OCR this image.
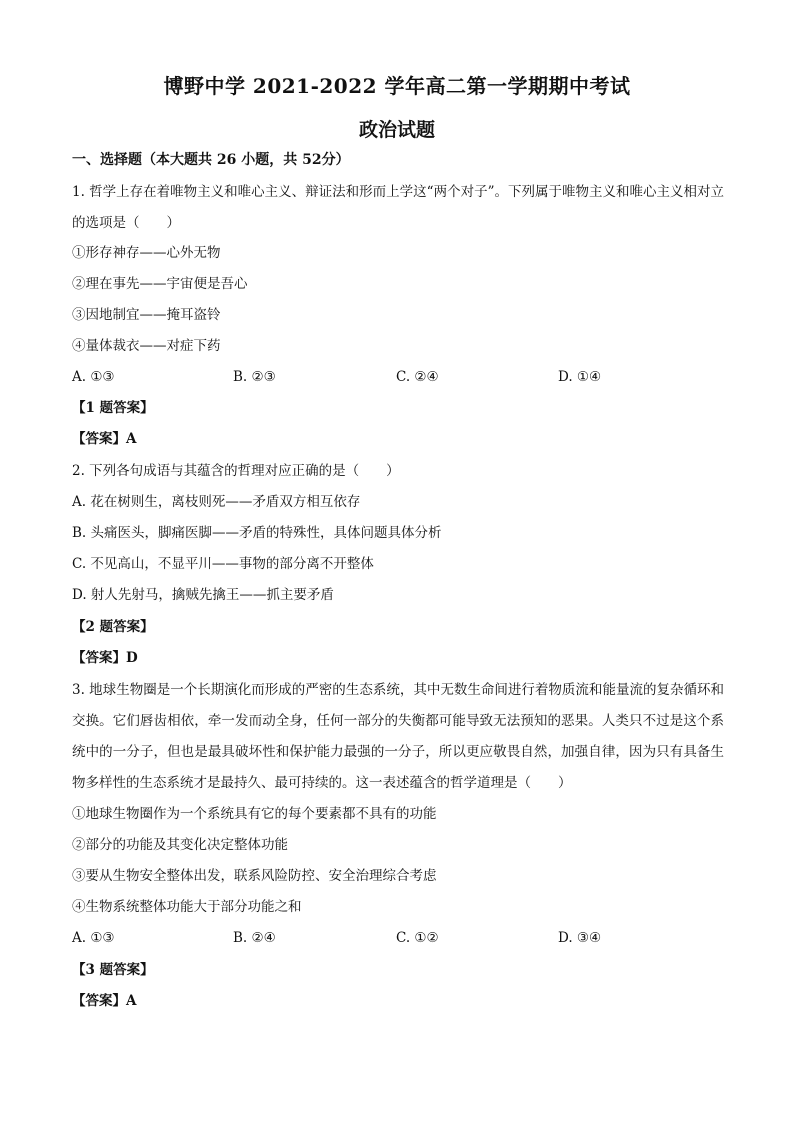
博野中学 2021-2022 学年高二第一学期期中考试
政治试题
一、选择题（本大题共 26 小题，共 52分）
1. 哲学上存在着唯物主义和唯心主义、辩证法和形而上学这“两个对子”。下列属于唯物主义和唯心主义相对立的选项是（　　）
①形存神存——心外无物
②理在事先——宇宙便是吾心
③因地制宜——掩耳盗铃
④量体裁衣——对症下药
A. ①③	B. ②③	C. ②④	D. ①④
【1 题答案】
【答案】A
2. 下列各句成语与其蕴含的哲理对应正确的是（　　）
A. 花在树则生，离枝则死——矛盾双方相互依存
B. 头痛医头，脚痛医脚——矛盾的特殊性，具体问题具体分析
C. 不见高山，不显平川——事物的部分离不开整体
D. 射人先射马，擒贼先擒王——抓主要矛盾
【2 题答案】
【答案】D
3. 地球生物圈是一个长期演化而形成的严密的生态系统，其中无数生命间进行着物质流和能量流的复杂循环和交换。它们唇齿相依，牵一发而动全身，任何一部分的失衡都可能导致无法预知的恶果。人类只不过是这个系统中的一分子，但也是最具破坏性和保护能力最强的一分子，所以更应敬畏自然，加强自律，因为只有具备生物多样性的生态系统才是最持久、最可持续的。这一表述蕴含的哲学道理是（　　）
①地球生物圈作为一个系统具有它的每个要素都不具有的功能
②部分的功能及其变化决定整体功能
③要从生物安全整体出发，联系风险防控、安全治理综合考虑
④生物系统整体功能大于部分功能之和
A. ①③	B. ②④	C. ①②	D. ③④
【3 题答案】
【答案】A
